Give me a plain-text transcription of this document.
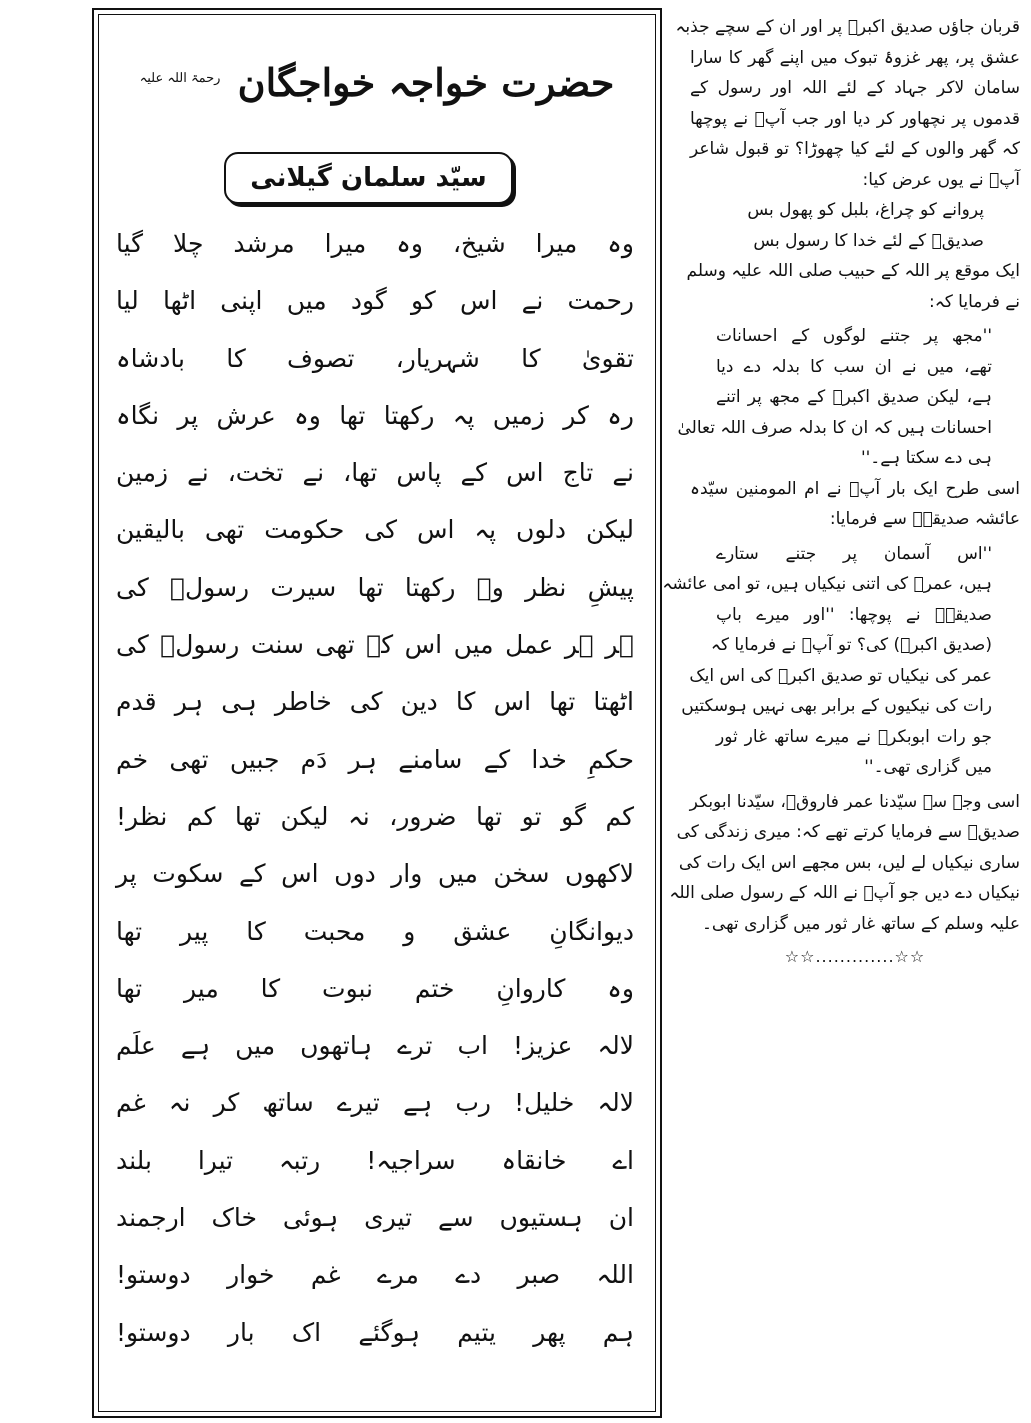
حضرت خواجہ خواجگان $^{رحمۃ اللہ علیہ}$
سیّد سلمان گیلانی
وہ میرا شیخ، وہ میرا مرشد چلا گیا
رحمت نے اس کو گود میں اپنی اٹھا لیا
تقویٰ کا شہریار، تصوف کا بادشاہ
رہ کر زمیں پہ رکھتا تھا وہ عرش پر نگاہ
نے تاج اس کے پاس تھا، نے تخت، نے زمین
لیکن دلوں پہ اس کی حکومت تھی بالیقین
پیشِ نظر وہ رکھتا تھا سیرت رسولؐ کی
ہر ہر عمل میں اس کے تھی سنت رسولؐ کی
اٹھتا تھا اس کا دین کی خاطر ہی ہر قدم
حکمِ خدا کے سامنے ہر دَم جبیں تھی خم
کم گو تو تھا ضرور، نہ لیکن تھا کم نظر!
لاکھوں سخن میں وار دوں اس کے سکوت پر
دیوانگانِ عشق و محبت کا پیر تھا
وہ کاروانِ ختم نبوت کا میر تھا
لالہ عزیز! اب ترے ہاتھوں میں ہے علَم
لالہ خلیل! رب ہے تیرے ساتھ کر نہ غم
اے خانقاہ سراجیہ! رتبہ تیرا بلند
ان ہستیوں سے تیری ہوئی خاک ارجمند
اللہ صبر دے مرے غم خوار دوستو!
ہم پھر یتیم ہوگئے اک بار دوستو!
قربان جاؤں صدیق اکبرؓ پر اور ان کے سچے جذبہ
عشق پر، پھر غزوۂ تبوک میں اپنے گھر کا سارا
سامان لاکر جہاد کے لئے اللہ اور رسول کے
قدموں پر نچھاور کر دیا اور جب آپؐ نے پوچھا
کہ گھر والوں کے لئے کیا چھوڑا؟ تو قبول شاعر
آپؓ نے یوں عرض کیا:
پروانے کو چراغ، بلبل کو پھول بس
صدیقؓ کے لئے خدا کا رسول بس
ایک موقع پر اللہ کے حبیب صلی اللہ علیہ وسلم
نے فرمایا کہ:
''مجھ پر جتنے لوگوں کے احسانات
تھے، میں نے ان سب کا بدلہ دے دیا
ہے، لیکن صدیق اکبرؓ کے مجھ پر اتنے
احسانات ہیں کہ ان کا بدلہ صرف اللہ تعالیٰ
ہی دے سکتا ہے۔''
اسی طرح ایک بار آپؐ نے ام المومنین سیّدہ
عائشہ صدیقہؓ سے فرمایا:
''اس آسمان پر جتنے ستارے
ہیں، عمرؓ کی اتنی نیکیاں ہیں، تو امی عائشہ
صدیقہؓ نے پوچھا: ''اور میرے باپ
(صدیق اکبرؓ) کی؟ تو آپؐ نے فرمایا کہ
عمر کی نیکیاں تو صدیق اکبرؓ کی اس ایک
رات کی نیکیوں کے برابر بھی نہیں ہوسکتیں
جو رات ابوبکرؓ نے میرے ساتھ غار ثور
میں گزاری تھی۔''
اسی وجہ سے سیّدنا عمر فاروقؓ، سیّدنا ابوبکر
صدیقؓ سے فرمایا کرتے تھے کہ: میری زندگی کی
ساری نیکیاں لے لیں، بس مجھے اس ایک رات کی
نیکیاں دے دیں جو آپؓ نے اللہ کے رسول صلی اللہ
علیہ وسلم کے ساتھ غار ثور میں گزاری تھی۔
☆☆.............☆☆
